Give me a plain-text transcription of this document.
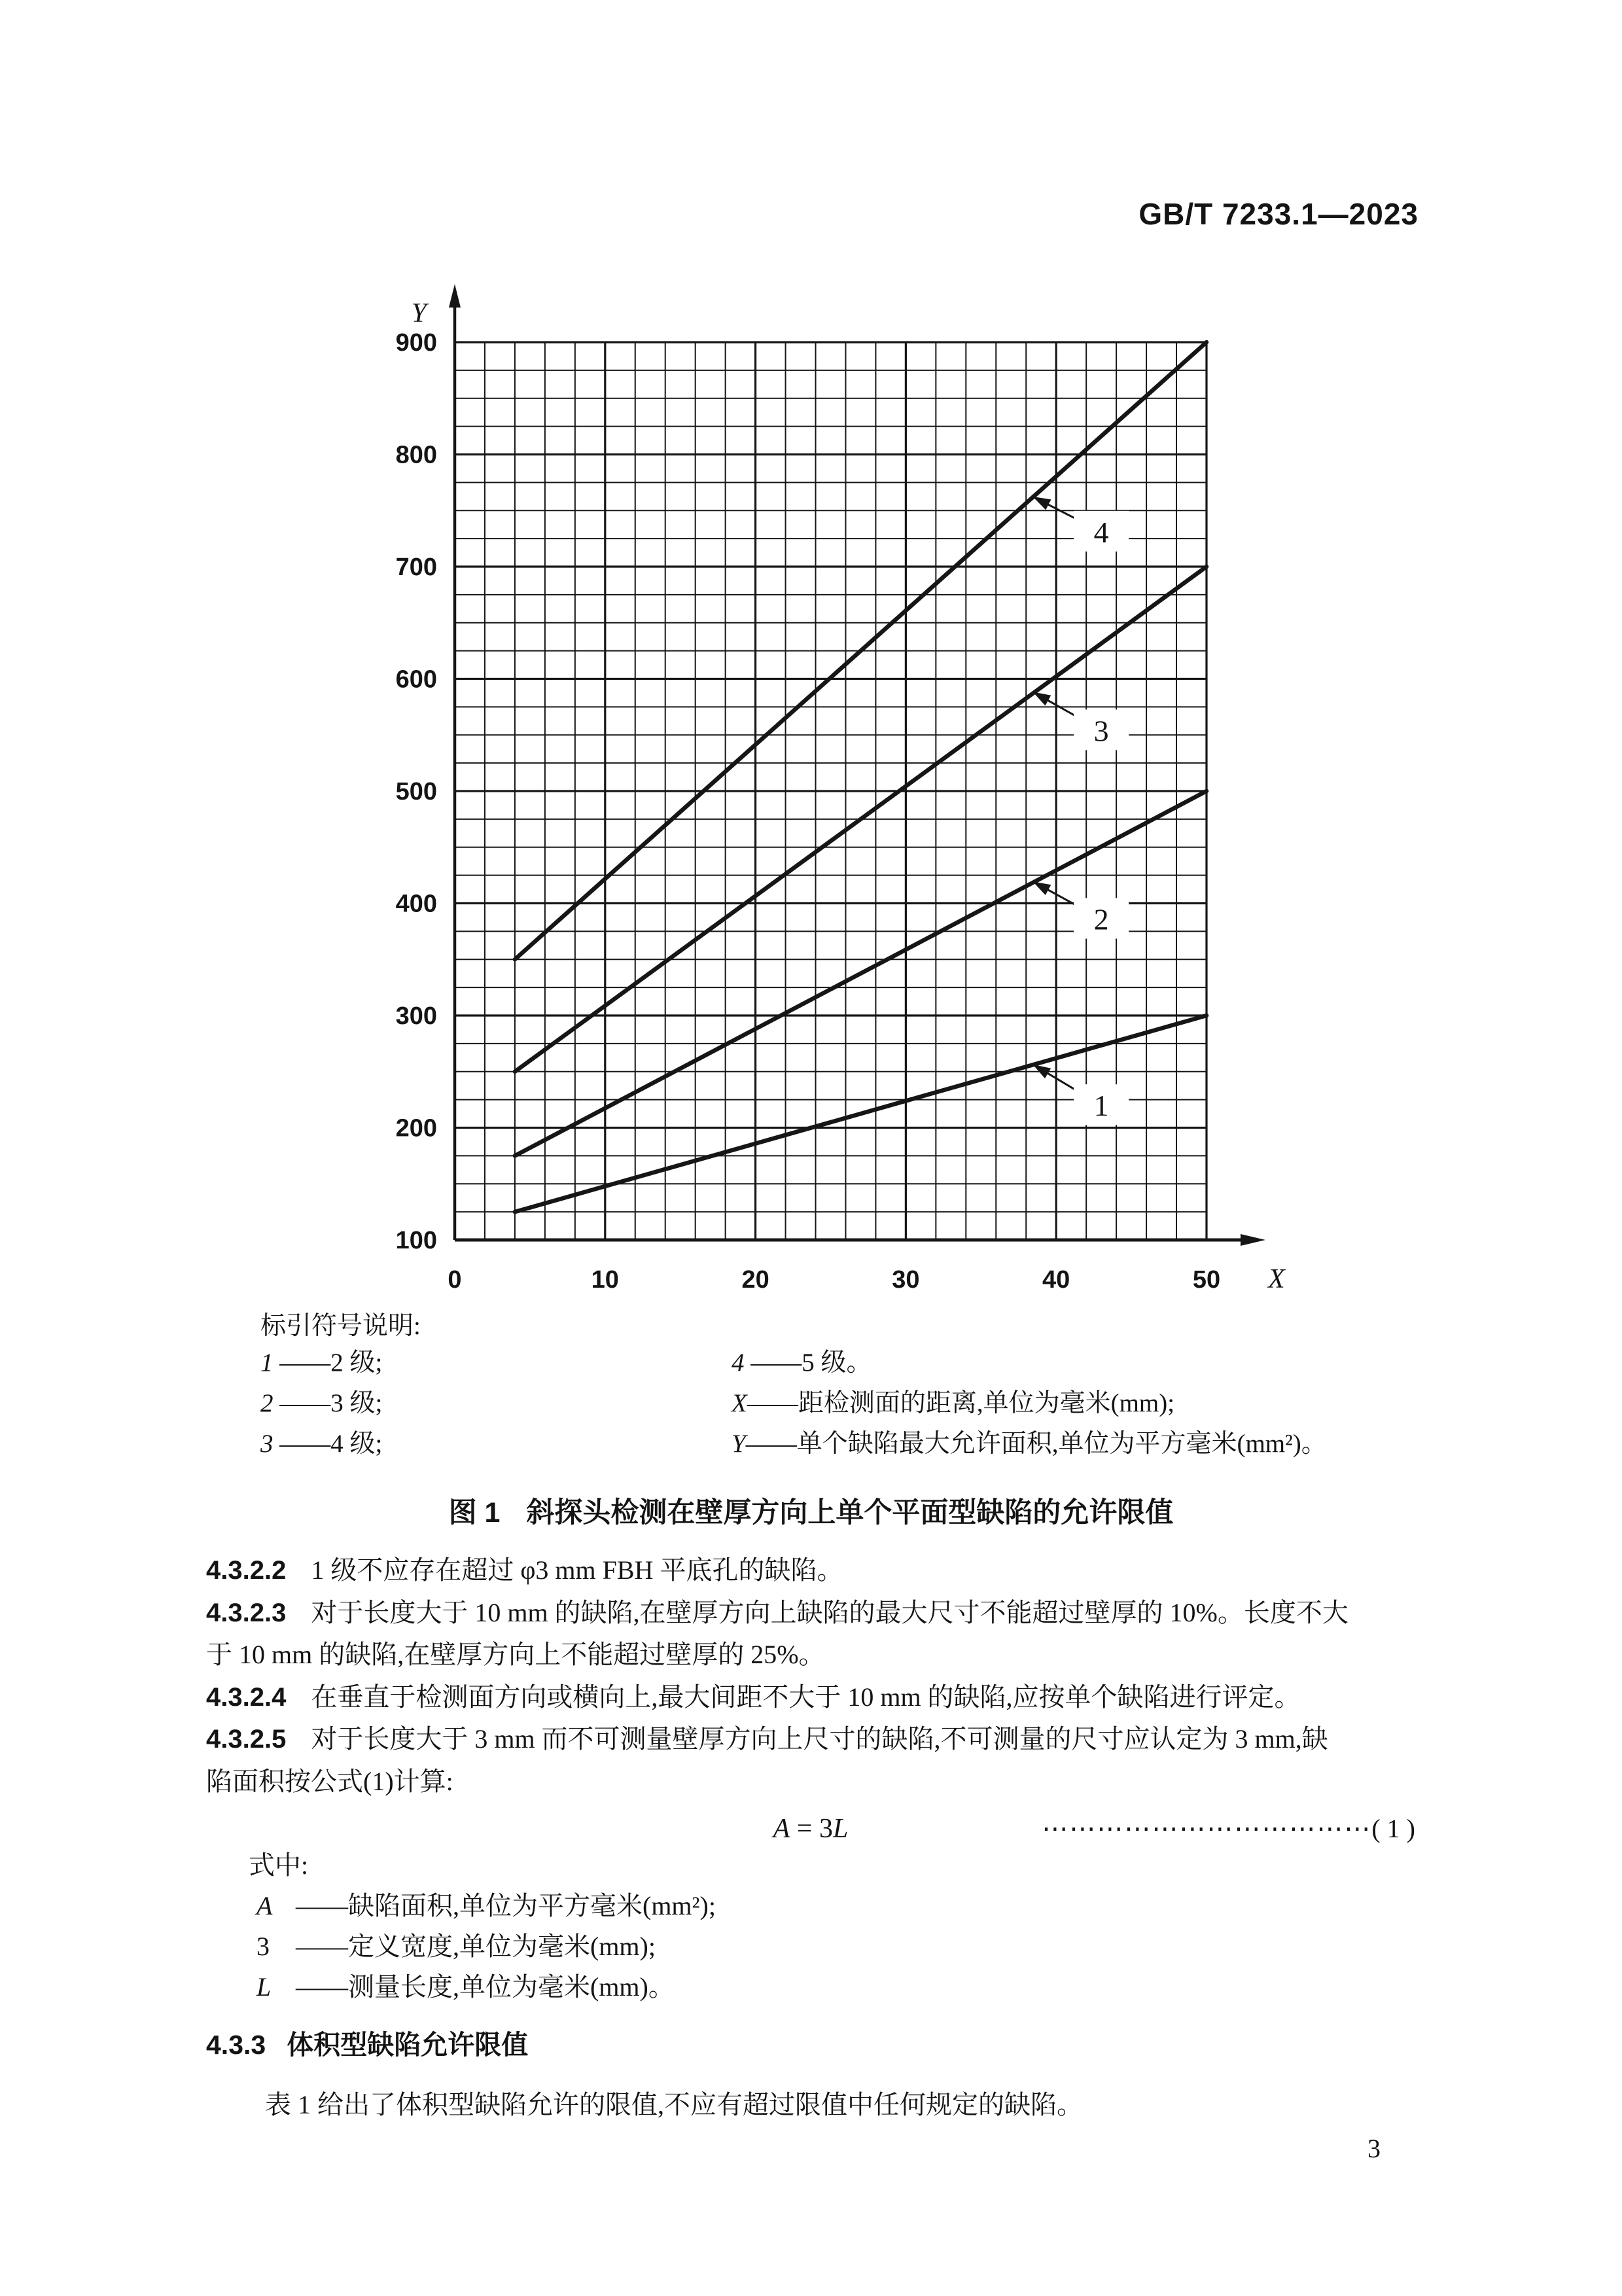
GB/T 7233.1—2023
100
200
300
400
500
600
700
800
900
0	10	20	30	40	50
Y
X
1
2
3
4
标引符号说明:
1 ——2 级;
2 ——3 级;
3 ——4 级;
4 ——5 级。
X——距检测面的距离,单位为毫米(mm);
Y——单个缺陷最大允许面积,单位为平方毫米(mm²)。
图 1 斜探头检测在壁厚方向上单个平面型缺陷的允许限值
4.3.2.2 1 级不应存在超过 φ3 mm FBH 平底孔的缺陷。
4.3.2.3 对于长度大于 10 mm 的缺陷,在壁厚方向上缺陷的最大尺寸不能超过壁厚的 10%。长度不大
于 10 mm 的缺陷,在壁厚方向上不能超过壁厚的 25%。
4.3.2.4 在垂直于检测面方向或横向上,最大间距不大于 10 mm 的缺陷,应按单个缺陷进行评定。
4.3.2.5 对于长度大于 3 mm 而不可测量壁厚方向上尺寸的缺陷,不可测量的尺寸应认定为 3 mm,缺
陷面积按公式(1)计算:
A = 3L	⋯⋯⋯⋯⋯⋯⋯⋯⋯⋯⋯⋯( 1 )
式中:
A ——缺陷面积,单位为平方毫米(mm²);
3 ——定义宽度,单位为毫米(mm);
L ——测量长度,单位为毫米(mm)。
4.3.3 体积型缺陷允许限值
表 1 给出了体积型缺陷允许的限值,不应有超过限值中任何规定的缺陷。
3
